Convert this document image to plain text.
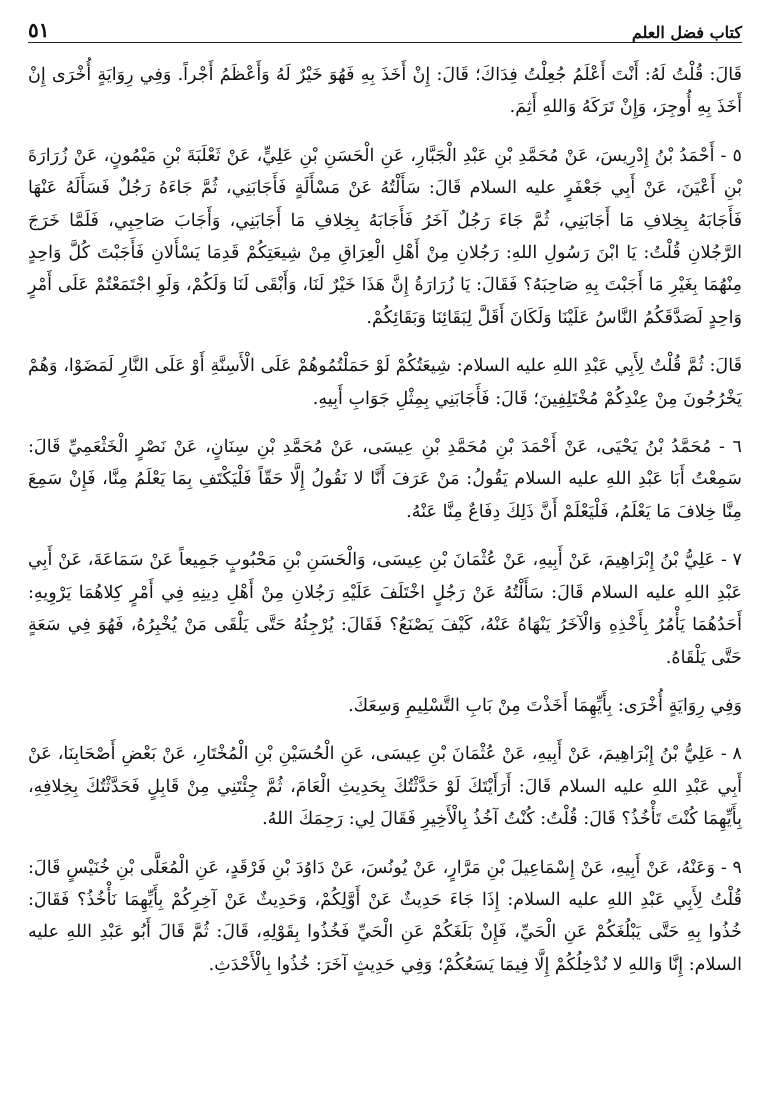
كتاب فضل العلم
٥١

قَالَ: قُلْتُ لَهُ: أَنْتَ أَعْلَمُ جُعِلْتُ فِدَاكَ؛ قَالَ: إِنْ أَخَذَ بِهِ فَهُوَ خَيْرٌ لَهُ وَأَعْظَمُ أَجْراً. وَفِي رِوَايَةٍ أُخْرَى إِنْ أَخَذَ بِهِ أُوجِرَ، وَإِنْ تَرَكَهُ وَاللهِ أَثِمَ.

٥ - أَحْمَدُ بْنُ إِدْرِيسَ، عَنْ مُحَمَّدِ بْنِ عَبْدِ الْجَبَّارِ، عَنِ الْحَسَنِ بْنِ عَلِيٍّ، عَنْ ثَعْلَبَةَ بْنِ مَيْمُونٍ، عَنْ زُرَارَةَ بْنِ أَعْيَنَ، عَنْ أَبِي جَعْفَرٍ عليه السلام قَالَ: سَأَلْتُهُ عَنْ مَسْأَلَةٍ فَأَجَابَنِي، ثُمَّ جَاءَهُ رَجُلٌ فَسَأَلَهُ عَنْهَا فَأَجَابَهُ بِخِلافِ مَا أَجَابَنِي، ثُمَّ جَاءَ رَجُلٌ آخَرُ فَأَجَابَهُ بِخِلافِ مَا أَجَابَنِي، وَأَجَابَ صَاحِبِي، فَلَمَّا خَرَجَ الرَّجُلانِ قُلْتُ: يَا ابْنَ رَسُولِ اللهِ: رَجُلانِ مِنْ أَهْلِ الْعِرَاقِ مِنْ شِيعَتِكُمْ قَدِمَا يَسْأَلانِ فَأَجَبْتَ كُلَّ وَاحِدٍ مِنْهُمَا بِغَيْرِ مَا أَجَبْتَ بِهِ صَاحِبَهُ؟ فَقَالَ: يَا زُرَارَةُ إِنَّ هَذَا خَيْرٌ لَنَا، وَأَبْقَى لَنَا وَلَكُمْ، وَلَوِ اجْتَمَعْتُمْ عَلَى أَمْرٍ وَاحِدٍ لَصَدَّقَكُمُ النَّاسُ عَلَيْنَا وَلَكَانَ أَقَلَّ لِبَقَائِنَا وَبَقَائِكُمْ.

قَالَ: ثُمَّ قُلْتُ لِأَبِي عَبْدِ اللهِ عليه السلام: شِيعَتُكُمْ لَوْ حَمَلْتُمُوهُمْ عَلَى الْأَسِنَّةِ أَوْ عَلَى النَّارِ لَمَضَوْا، وَهُمْ يَخْرُجُونَ مِنْ عِنْدِكُمْ مُخْتَلِفِينَ؛ قَالَ: فَأَجَابَنِي بِمِثْلِ جَوَابِ أَبِيهِ.

٦ - مُحَمَّدُ بْنُ يَحْيَى، عَنْ أَحْمَدَ بْنِ مُحَمَّدِ بْنِ عِيسَى، عَنْ مُحَمَّدِ بْنِ سِنَانٍ، عَنْ نَصْرٍ الْخَثْعَمِيِّ قَالَ: سَمِعْتُ أَبَا عَبْدِ اللهِ عليه السلام يَقُولُ: مَنْ عَرَفَ أَنَّا لا نَقُولُ إِلَّا حَقّاً فَلْيَكْتَفِ بِمَا يَعْلَمُ مِنَّا، فَإِنْ سَمِعَ مِنَّا خِلافَ مَا يَعْلَمُ، فَلْيَعْلَمْ أَنَّ ذَلِكَ دِفَاعٌ مِنَّا عَنْهُ.

٧ - عَلِيُّ بْنُ إِبْرَاهِيمَ، عَنْ أَبِيهِ، عَنْ عُثْمَانَ بْنِ عِيسَى، وَالْحَسَنِ بْنِ مَحْبُوبٍ جَمِيعاً عَنْ سَمَاعَةَ، عَنْ أَبِي عَبْدِ اللهِ عليه السلام قَالَ: سَأَلْتُهُ عَنْ رَجُلٍ اخْتَلَفَ عَلَيْهِ رَجُلانِ مِنْ أَهْلِ دِينِهِ فِي أَمْرٍ كِلاهُمَا يَرْوِيهِ: أَحَدُهُمَا يَأْمُرُ بِأَخْذِهِ وَالْآخَرُ يَنْهَاهُ عَنْهُ، كَيْفَ يَصْنَعُ؟ فَقَالَ: يُرْجِئُهُ حَتَّى يَلْقَى مَنْ يُخْبِرُهُ، فَهُوَ فِي سَعَةٍ حَتَّى يَلْقَاهُ.

وَفِي رِوَايَةٍ أُخْرَى: بِأَيِّهِمَا أَخَذْتَ مِنْ بَابِ التَّسْلِيمِ وَسِعَكَ.

٨ - عَلِيُّ بْنُ إِبْرَاهِيمَ، عَنْ أَبِيهِ، عَنْ عُثْمَانَ بْنِ عِيسَى، عَنِ الْحُسَيْنِ بْنِ الْمُخْتَارِ، عَنْ بَعْضِ أَصْحَابِنَا، عَنْ أَبِي عَبْدِ اللهِ عليه السلام قَالَ: أَرَأَيْتَكَ لَوْ حَدَّثْتُكَ بِحَدِيثِ الْعَامَ، ثُمَّ جِئْتَنِي مِنْ قَابِلٍ فَحَدَّثْتُكَ بِخِلافِهِ، بِأَيِّهِمَا كُنْتَ تَأْخُذُ؟ قَالَ: قُلْتُ: كُنْتُ آخُذُ بِالْأَخِيرِ فَقَالَ لِي: رَحِمَكَ اللهُ.

٩ - وَعَنْهُ، عَنْ أَبِيهِ، عَنْ إِسْمَاعِيلَ بْنِ مَرَّارٍ، عَنْ يُونُسَ، عَنْ دَاوُدَ بْنِ فَرْقَدٍ، عَنِ الْمُعَلَّى بْنِ خُنَيْسٍ قَالَ: قُلْتُ لِأَبِي عَبْدِ اللهِ عليه السلام: إِذَا جَاءَ حَدِيثٌ عَنْ أَوَّلِكُمْ، وَحَدِيثٌ عَنْ آخِرِكُمْ بِأَيِّهِمَا نَأْخُذُ؟ فَقَالَ: خُذُوا بِهِ حَتَّى يَبْلُغَكُمْ عَنِ الْحَيِّ، فَإِنْ بَلَغَكُمْ عَنِ الْحَيِّ فَخُذُوا بِقَوْلِهِ، قَالَ: ثُمَّ قَالَ أَبُو عَبْدِ اللهِ عليه السلام: إِنَّا وَاللهِ لا نُدْخِلُكُمْ إِلَّا فِيمَا يَسَعُكُمْ؛ وَفِي حَدِيثٍ آخَرَ: خُذُوا بِالْأَحْدَثِ.
